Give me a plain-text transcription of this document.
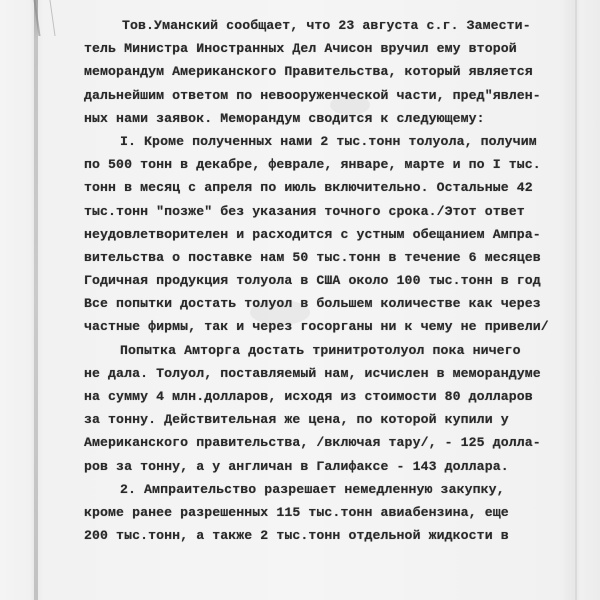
Тов.Уманский сообщает, что 23 августа с.г. Замести-
тель Министра Иностранных Дел Ачисон вручил ему второй
меморандум Американского Правительства, который является
дальнейшим ответом по невооруженческой части, пред"явлен-
ных нами заявок. Меморандум сводится к следующему:
I. Кроме полученных нами 2 тыс.тонн толуола, получим
по 500 тонн в декабре, феврале, январе, марте и по I тыс.
тонн в месяц с апреля по июль включительно. Остальные 42
тыс.тонн "позже" без указания точного срока./Этот ответ
неудовлетворителен и расходится с устным обещанием Ампра-
вительства о поставке нам 50 тыс.тонн в течение 6 месяцев
Годичная продукция толуола в США около 100 тыс.тонн в год
Все попытки достать толуол в большем количестве как через
частные фирмы, так и через госорганы ни к чему не привели/
Попытка Амторга достать тринитротолуол пока ничего
не дала. Толуол, поставляемый нам, исчислен в меморандуме
на сумму 4 млн.долларов, исходя из стоимости 80 долларов
за тонну. Действительная же цена, по которой купили у
Американского правительства, /включая тару/, - 125 долла-
ров за тонну, а у англичан в Галифаксе - 143 доллара.
2. Ампраительство разрешает немедленную закупку,
кроме ранее разрешенных 115 тыс.тонн авиабензина, еще
200 тыс.тонн, а также 2 тыс.тонн отдельной жидкости в
